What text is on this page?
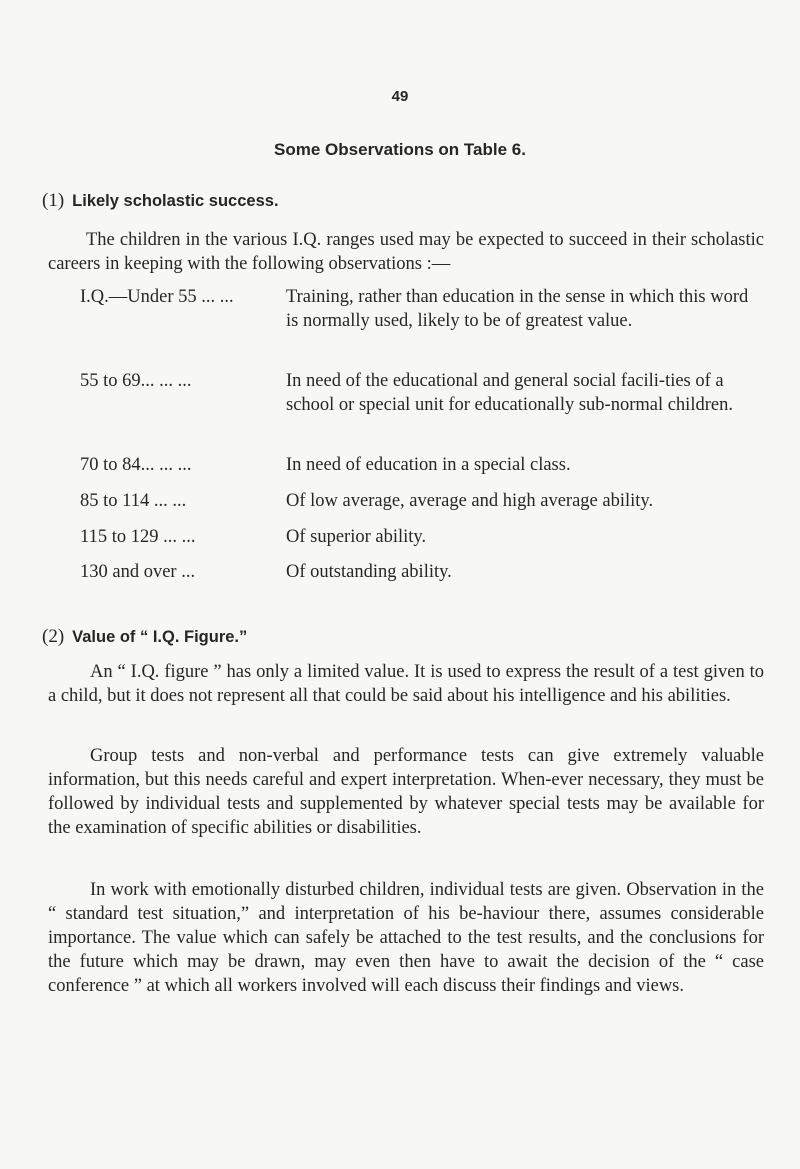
49
Some Observations on Table 6.
(1) Likely scholastic success.
The children in the various I.Q. ranges used may be expected to succeed in their scholastic careers in keeping with the following observations :—
I.Q.—Under 55 ... ...	Training, rather than education in the sense in which this word is normally used, likely to be of greatest value.
55 to 69... ... ...	In need of the educational and general social facili-ties of a school or special unit for educationally sub-normal children.
70 to 84... ... ...	In need of education in a special class.
85 to 114 ... ...	Of low average, average and high average ability.
115 to 129 ... ...	Of superior ability.
130 and over ...	Of outstanding ability.
(2) Value of “ I.Q. Figure.”
An “ I.Q. figure ” has only a limited value. It is used to express the result of a test given to a child, but it does not represent all that could be said about his intelligence and his abilities.
Group tests and non-verbal and performance tests can give extremely valuable information, but this needs careful and expert interpretation. When-ever necessary, they must be followed by individual tests and supplemented by whatever special tests may be available for the examination of specific abilities or disabilities.
In work with emotionally disturbed children, individual tests are given. Observation in the “ standard test situation,” and interpretation of his be-haviour there, assumes considerable importance. The value which can safely be attached to the test results, and the conclusions for the future which may be drawn, may even then have to await the decision of the “ case conference ” at which all workers involved will each discuss their findings and views.
